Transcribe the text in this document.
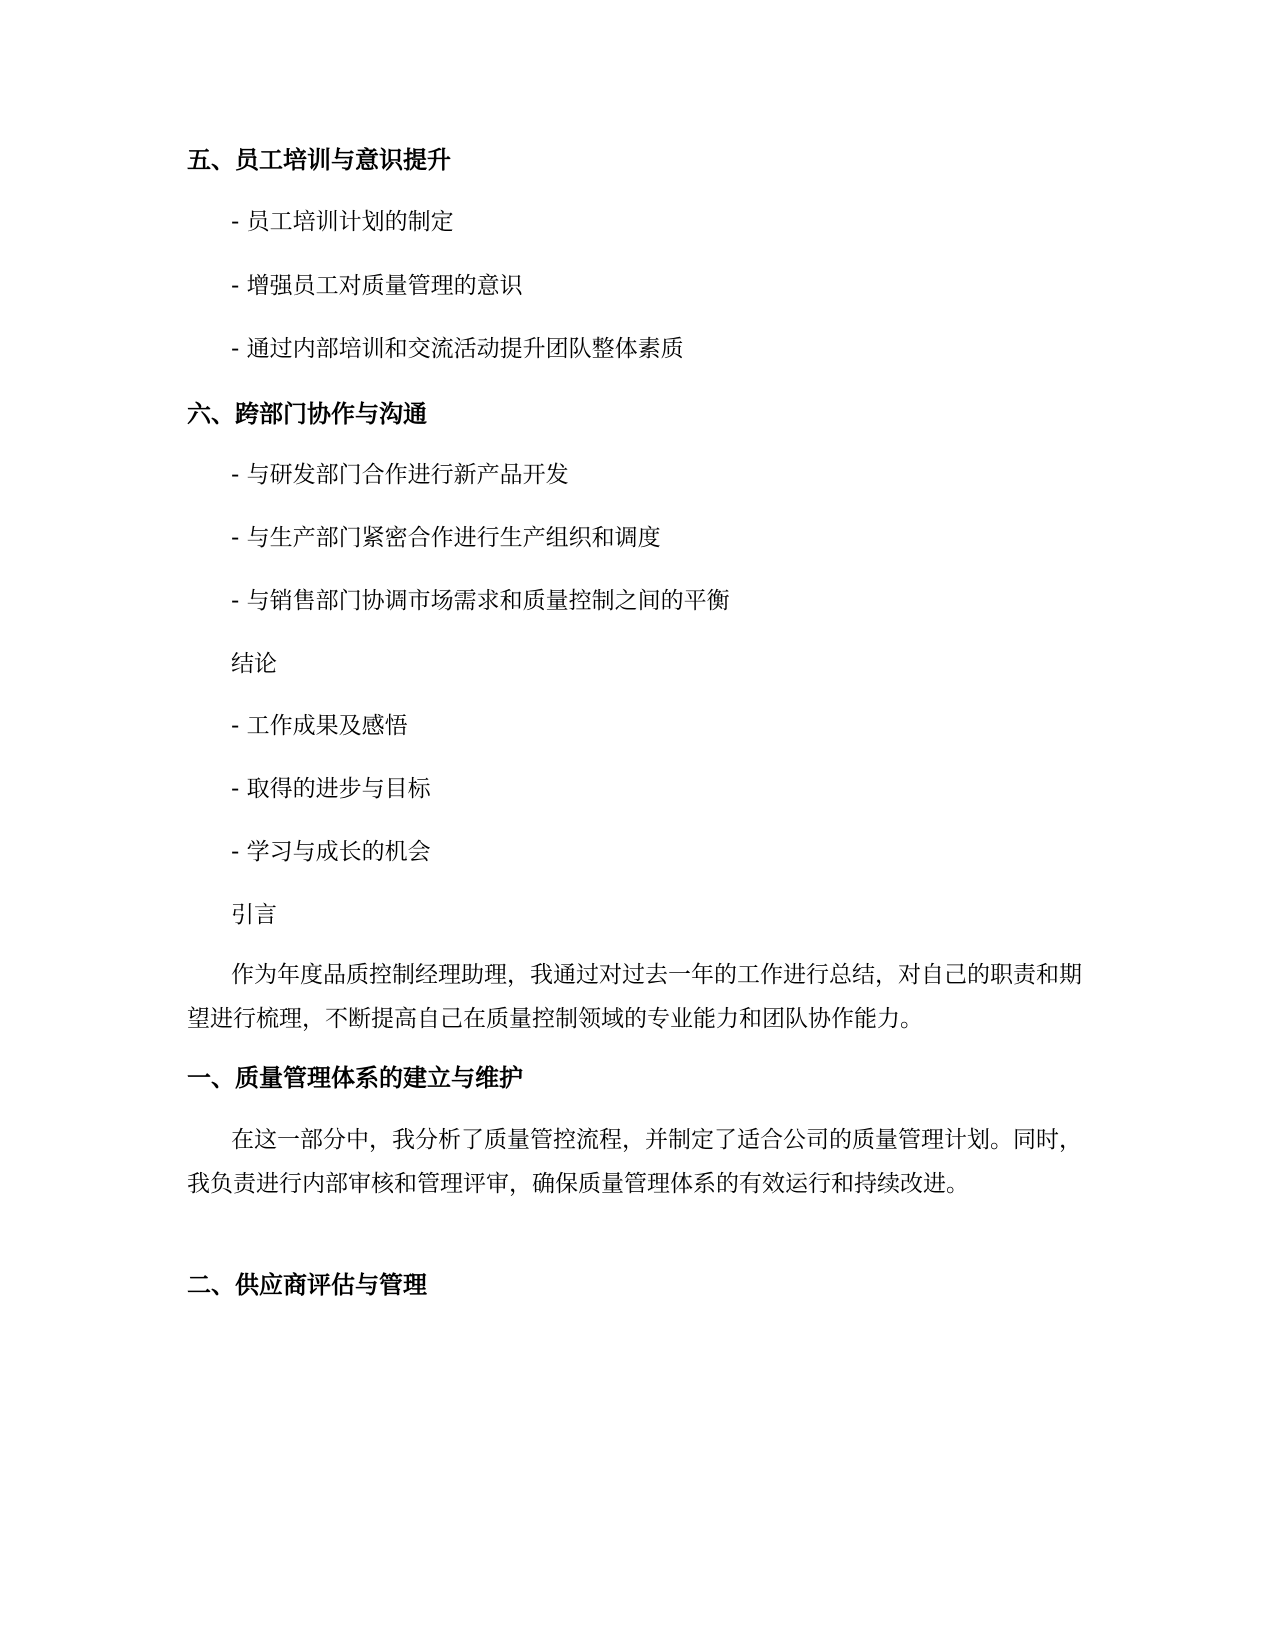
五、员工培训与意识提升
- 员工培训计划的制定
- 增强员工对质量管理的意识
- 通过内部培训和交流活动提升团队整体素质
六、跨部门协作与沟通
- 与研发部门合作进行新产品开发
- 与生产部门紧密合作进行生产组织和调度
- 与销售部门协调市场需求和质量控制之间的平衡
结论
- 工作成果及感悟
- 取得的进步与目标
- 学习与成长的机会
引言
作为年度品质控制经理助理，我通过对过去一年的工作进行总结，对自己的职责和期望进行梳理，不断提高自己在质量控制领域的专业能力和团队协作能力。
一、质量管理体系的建立与维护
在这一部分中，我分析了质量管控流程，并制定了适合公司的质量管理计划。同时，我负责进行内部审核和管理评审，确保质量管理体系的有效运行和持续改进。
二、供应商评估与管理
